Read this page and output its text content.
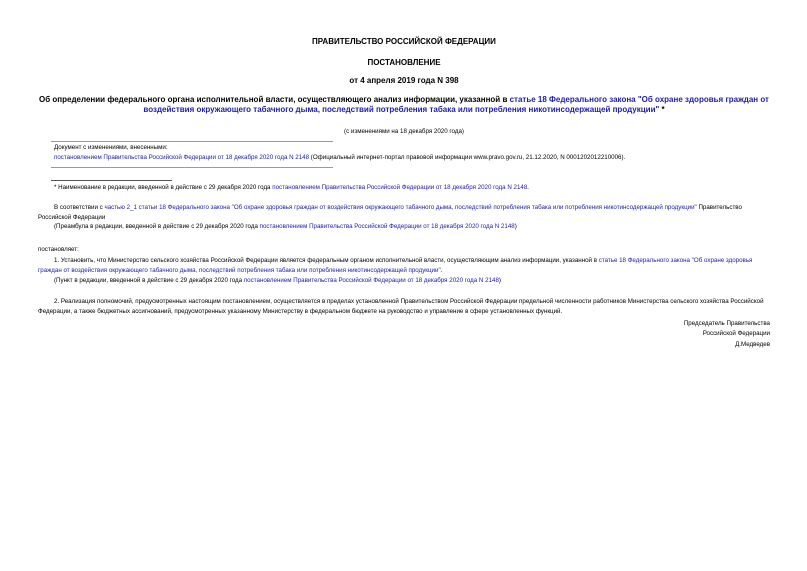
ПРАВИТЕЛЬСТВО РОССИЙСКОЙ ФЕДЕРАЦИИ
ПОСТАНОВЛЕНИЕ
от 4 апреля 2019 года N 398
Об определении федерального органа исполнительной власти, осуществляющего анализ информации, указанной в статье 18 Федерального закона "Об охране здоровья граждан от воздействия окружающего табачного дыма, последствий потребления табака или потребления никотинсодержащей продукции" *
(с изменениями на 18 декабря 2020 года)
Документ с изменениями, внесенными:
постановлением Правительства Российской Федерации от 18 декабря 2020 года N 2148 (Официальный интернет-портал правовой информации www.pravo.gov.ru, 21.12.2020, N 0001202012210006).
* Наименование в редакции, введенной в действие с 29 декабря 2020 года постановлением Правительства Российской Федерации от 18 декабря 2020 года N 2148.
В соответствии с частью 2_1 статьи 18 Федерального закона "Об охране здоровья граждан от воздействия окружающего табачного дыма, последствий потребления табака или потребления никотинсодержащей продукции" Правительство Российской Федерации
(Преамбула в редакции, введенной в действие с 29 декабря 2020 года постановлением Правительства Российской Федерации от 18 декабря 2020 года N 2148)
постановляет:
1. Установить, что Министерство сельского хозяйства Российской Федерации является федеральным органом исполнительной власти, осуществляющим анализ информации, указанной в статье 18 Федерального закона "Об охране здоровья граждан от воздействия окружающего табачного дыма, последствий потребления табака или потребления никотинсодержащей продукции".
(Пункт в редакции, введенной в действие с 29 декабря 2020 года постановлением Правительства Российской Федерации от 18 декабря 2020 года N 2148)
2. Реализация полномочий, предусмотренных настоящим постановлением, осуществляется в пределах установленной Правительством Российской Федерации предельной численности работников Министерства сельского хозяйства Российской Федерации, а также бюджетных ассигнований, предусмотренных указанному Министерству в федеральном бюджете на руководство и управление в сфере установленных функций.
Председатель Правительства
Российской Федерации
Д.Медведев
